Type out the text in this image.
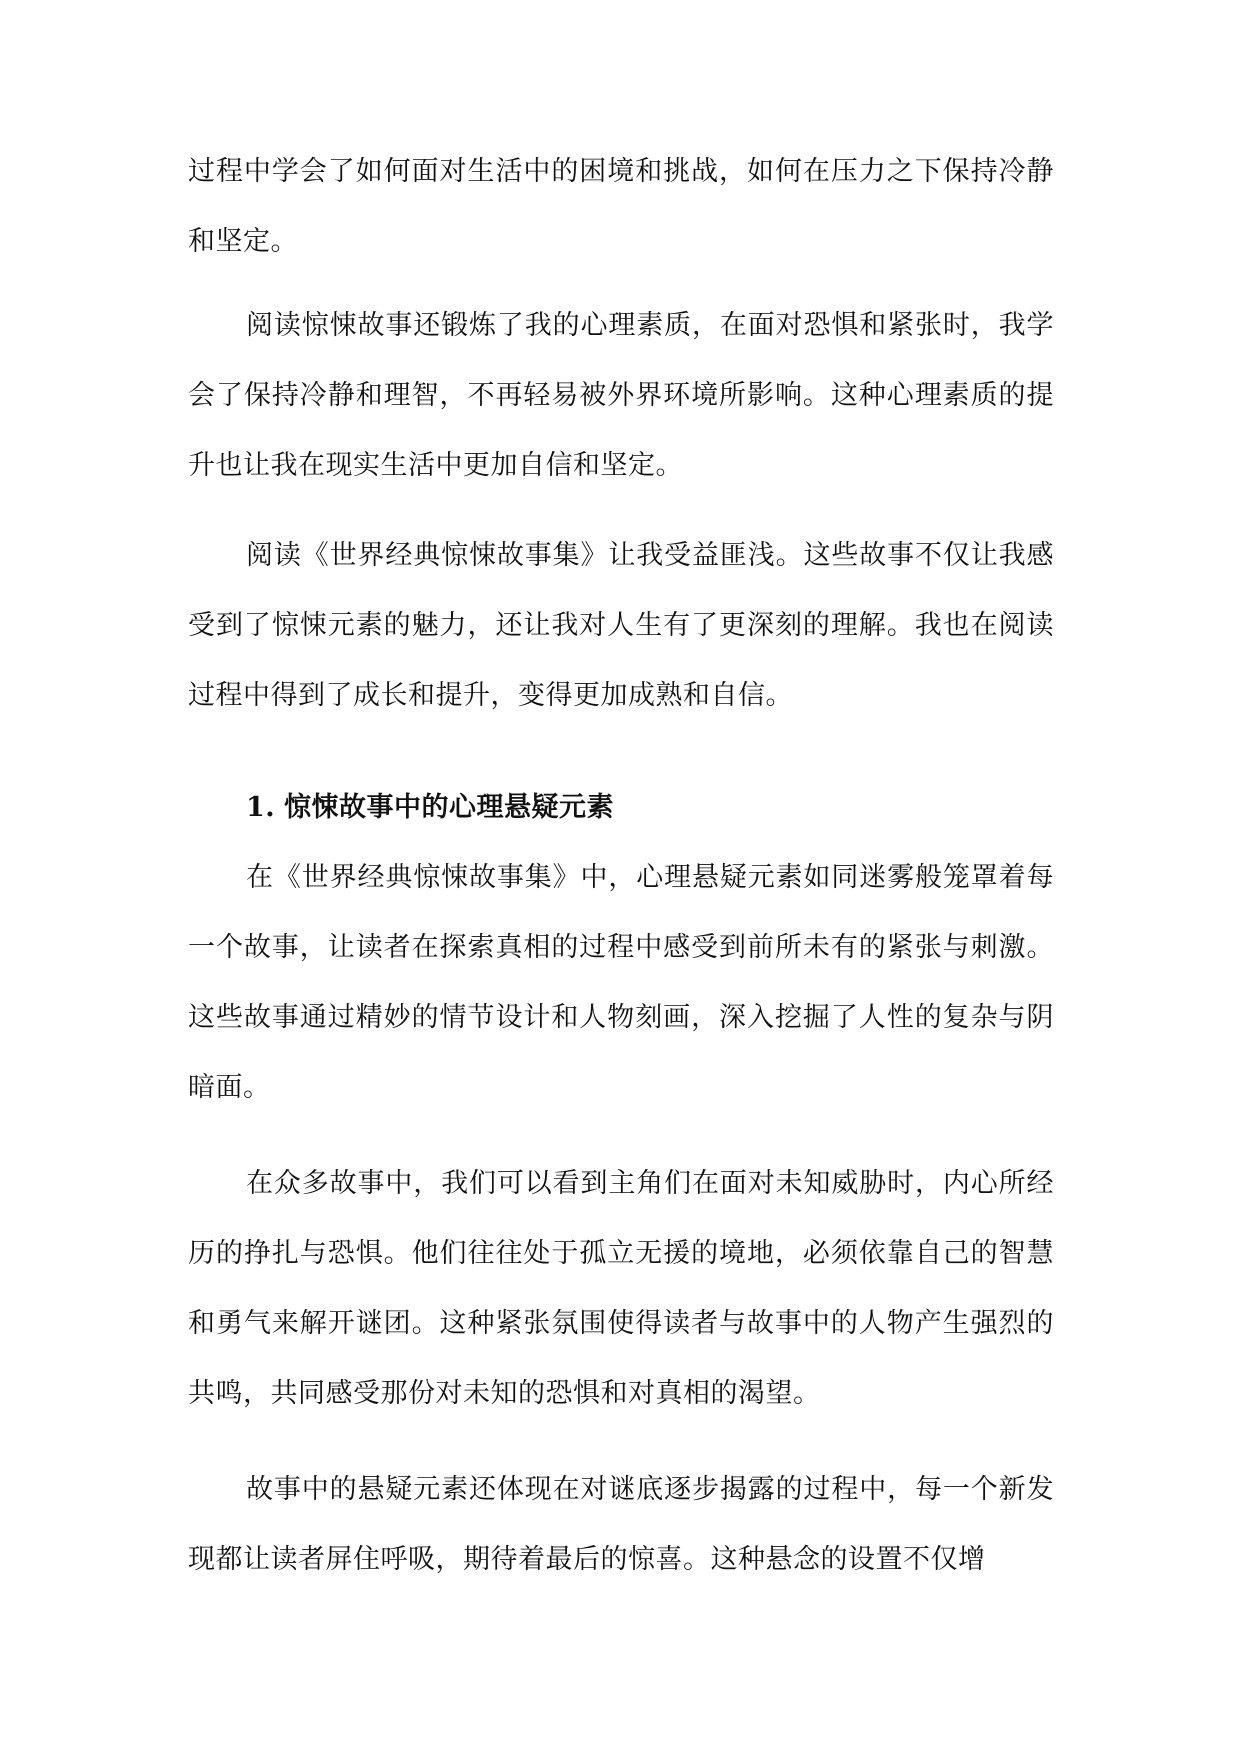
过程中学会了如何面对生活中的困境和挑战，如何在压力之下保持冷静和坚定。

阅读惊悚故事还锻炼了我的心理素质，在面对恐惧和紧张时，我学会了保持冷静和理智，不再轻易被外界环境所影响。这种心理素质的提升也让我在现实生活中更加自信和坚定。

阅读《世界经典惊悚故事集》让我受益匪浅。这些故事不仅让我感受到了惊悚元素的魅力，还让我对人生有了更深刻的理解。我也在阅读过程中得到了成长和提升，变得更加成熟和自信。

1. 惊悚故事中的心理悬疑元素

在《世界经典惊悚故事集》中，心理悬疑元素如同迷雾般笼罩着每一个故事，让读者在探索真相的过程中感受到前所未有的紧张与刺激。这些故事通过精妙的情节设计和人物刻画，深入挖掘了人性的复杂与阴暗面。

在众多故事中，我们可以看到主角们在面对未知威胁时，内心所经历的挣扎与恐惧。他们往往处于孤立无援的境地，必须依靠自己的智慧和勇气来解开谜团。这种紧张氛围使得读者与故事中的人物产生强烈的共鸣，共同感受那份对未知的恐惧和对真相的渴望。

故事中的悬疑元素还体现在对谜底逐步揭露的过程中，每一个新发现都让读者屏住呼吸，期待着最后的惊喜。这种悬念的设置不仅增
